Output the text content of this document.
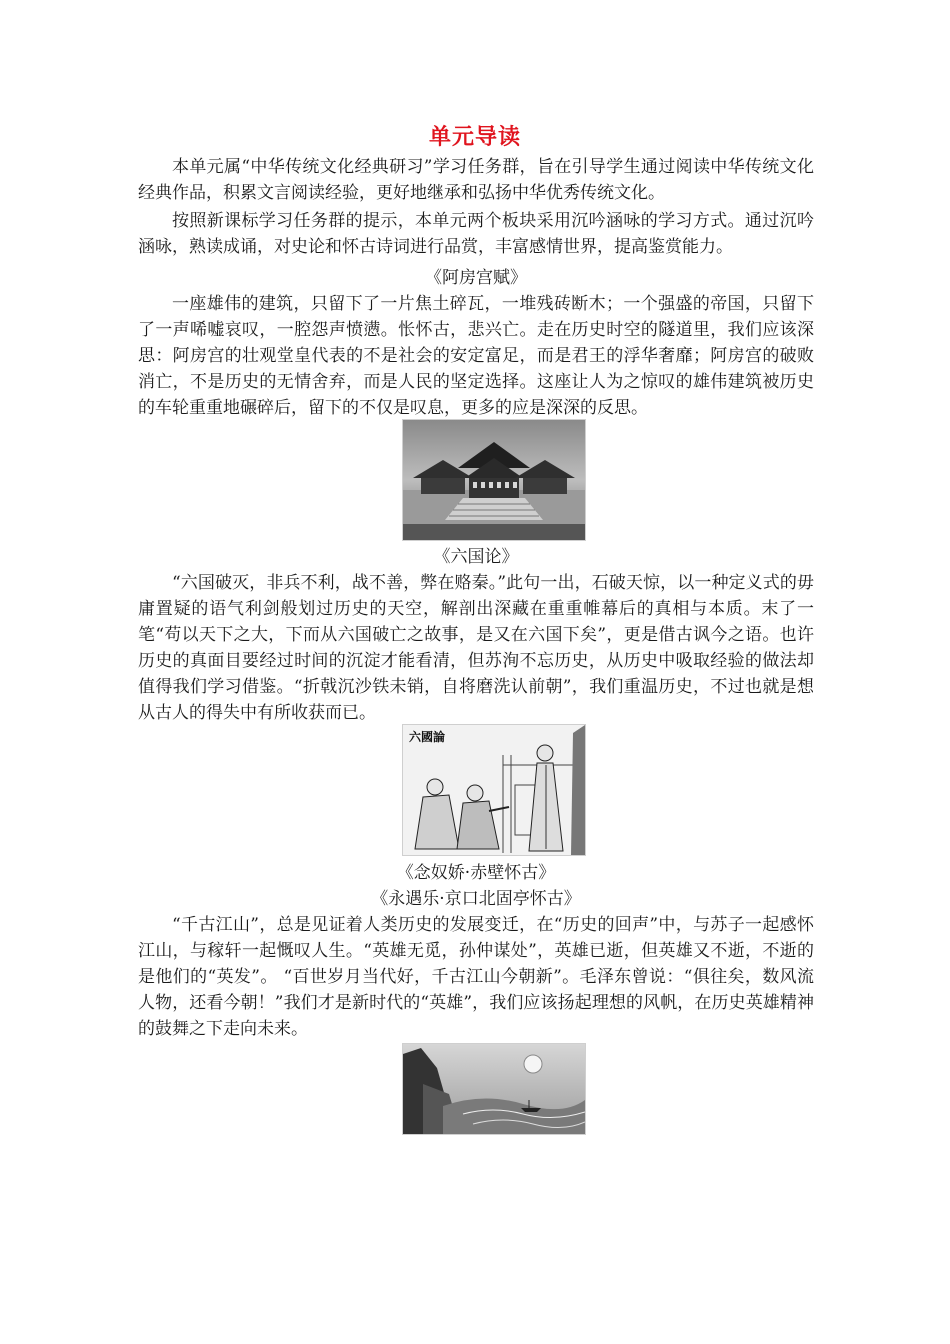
单元导读

本单元属“中华传统文化经典研习”学习任务群，旨在引导学生通过阅读中华传统文化经典作品，积累文言阅读经验，更好地继承和弘扬中华优秀传统文化。

按照新课标学习任务群的提示，本单元两个板块采用沉吟涵咏的学习方式。通过沉吟涵咏，熟读成诵，对史论和怀古诗词进行品赏，丰富感情世界，提高鉴赏能力。

《阿房宫赋》

一座雄伟的建筑，只留下了一片焦土碎瓦，一堆残砖断木；一个强盛的帝国，只留下了一声唏嘘哀叹，一腔怨声愤懑。怅怀古，悲兴亡。走在历史时空的隧道里，我们应该深思：阿房宫的壮观堂皇代表的不是社会的安定富足，而是君王的浮华奢靡；阿房宫的破败消亡，不是历史的无情舍弃，而是人民的坚定选择。这座让人为之惊叹的雄伟建筑被历史的车轮重重地碾碎后，留下的不仅是叹息，更多的应是深深的反思。

《六国论》

“六国破灭，非兵不利，战不善，弊在赂秦。”此句一出，石破天惊，以一种定义式的毋庸置疑的语气利剑般划过历史的天空，解剖出深藏在重重帷幕后的真相与本质。末了一笔“苟以天下之大，下而从六国破亡之故事，是又在六国下矣”，更是借古讽今之语。也许历史的真面目要经过时间的沉淀才能看清，但苏洵不忘历史，从历史中吸取经验的做法却值得我们学习借鉴。“折戟沉沙铁未销，自将磨洗认前朝”，我们重温历史，不过也就是想从古人的得失中有所收获而已。

六國論
《念奴娇·赤壁怀古》
《永遇乐·京口北固亭怀古》

“千古江山”，总是见证着人类历史的发展变迁，在“历史的回声”中，与苏子一起感怀江山，与稼轩一起慨叹人生。“英雄无觅，孙仲谋处”，英雄已逝，但英雄又不逝，不逝的是他们的“英发”。 “百世岁月当代好，千古江山今朝新”。毛泽东曾说：“俱往矣，数风流人物，还看今朝！”我们才是新时代的“英雄”，我们应该扬起理想的风帆，在历史英雄精神的鼓舞之下走向未来。
